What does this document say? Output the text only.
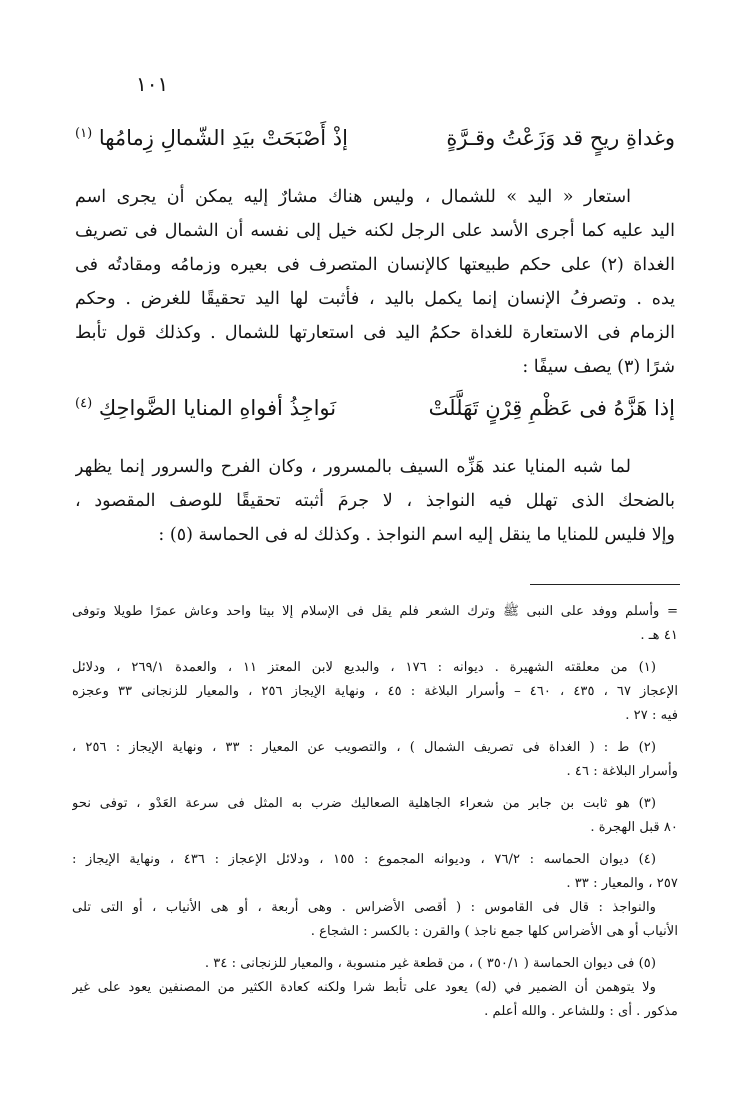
١٠١
وغداةِ ريحٍ قد وَزَعْتُ وقـرَّةٍ
إذْ أَصْبَحَتْ بيَدِ الشّمالِ زِمامُها $^{(١)}$
استعار « اليد » للشمال ، وليس هناك مشارٌ إليه يمكن أن يجرى اسم
اليد عليه كما أجرى الأسد على الرجل لكنه خيل إلى نفسه أن الشمال فى تصريف
الغداة (٢) على حكم طبيعتها كالإنسان المتصرف فى بعيره وزمامُه ومقادتُه فى
يده . وتصرفُ الإنسان إنما يكمل باليد ، فأثبت لها اليد تحقيقًا للغرض . وحكم
الزمام فى الاستعارة للغداة حكمُ اليد فى استعارتها للشمال . وكذلك قول تأبط
شرًا (٣) يصف سيفًا :
إذا هَزَّهُ فى عَظْمِ قِرْنٍ تَهَلَّلَتْ
نَواجِذُ أفواهِ المنايا الضَّواحِكِ $^{(٤)}$
لما شبه المنايا عند هَزِّه السيف بالمسرور ، وكان الفرح والسرور إنما يظهر
بالضحك الذى تهلل فيه النواجذ ، لا جرمَ أثبته تحقيقًا للوصف المقصود ،
وإلا فليس للمنايا ما ينقل إليه اسم النواجذ . وكذلك له فى الحماسة (٥) :
= وأسلم ووفد على النبى ﷺ وترك الشعر فلم يقل فى الإسلام إلا بيتا واحد وعاش عمرًا طويلا وتوفى
٤١ هـ .
(١) من معلقته الشهيرة . ديوانه : ١٧٦ ، والبديع لابن المعتز ١١ ، والعمدة ٢٦٩/١ ، ودلائل
الإعجاز ٦٧ ، ٤٣٥ ، ٤٦٠ – وأسرار البلاغة : ٤٥ ، ونهاية الإيجاز ٢٥٦ ، والمعيار للزنجانى ٣٣ وعجزه
فيه : ٢٧ .
(٢) ط : ( الغداة فى تصريف الشمال ) ، والتصويب عن المعيار : ٣٣ ، ونهاية الإيجاز : ٢٥٦ ،
وأسرار البلاغة : ٤٦ .
(٣) هو ثابت بن جابر من شعراء الجاهلية الصعاليك ضرب به المثل فى سرعة العَدْو ، توفى نحو
٨٠ قبل الهجرة .
(٤) ديوان الحماسه : ٧٦/٢ ، وديوانه المجموع : ١٥٥ ، ودلائل الإعجاز : ٤٣٦ ، ونهاية الإيجاز :
٢٥٧ ، والمعيار : ٣٣ .
والنواجذ : قال فى القاموس : ( أقصى الأضراس . وهى أربعة ، أو هى الأنياب ، أو التى تلى
الأنياب أو هى الأضراس كلها جمع ناجذ ) والقرن : بالكسر : الشجاع .
(٥) فى ديوان الحماسة ( ٣٥٠/١ ) ، من قطعة غير منسوبة ، والمعيار للزنجانى : ٣٤ .
ولا يتوهمن أن الضمير في (له) يعود على تأبط شرا ولكنه كعادة الكثير من المصنفين يعود على غير
مذكور . أى : وللشاعر . والله أعلم .
